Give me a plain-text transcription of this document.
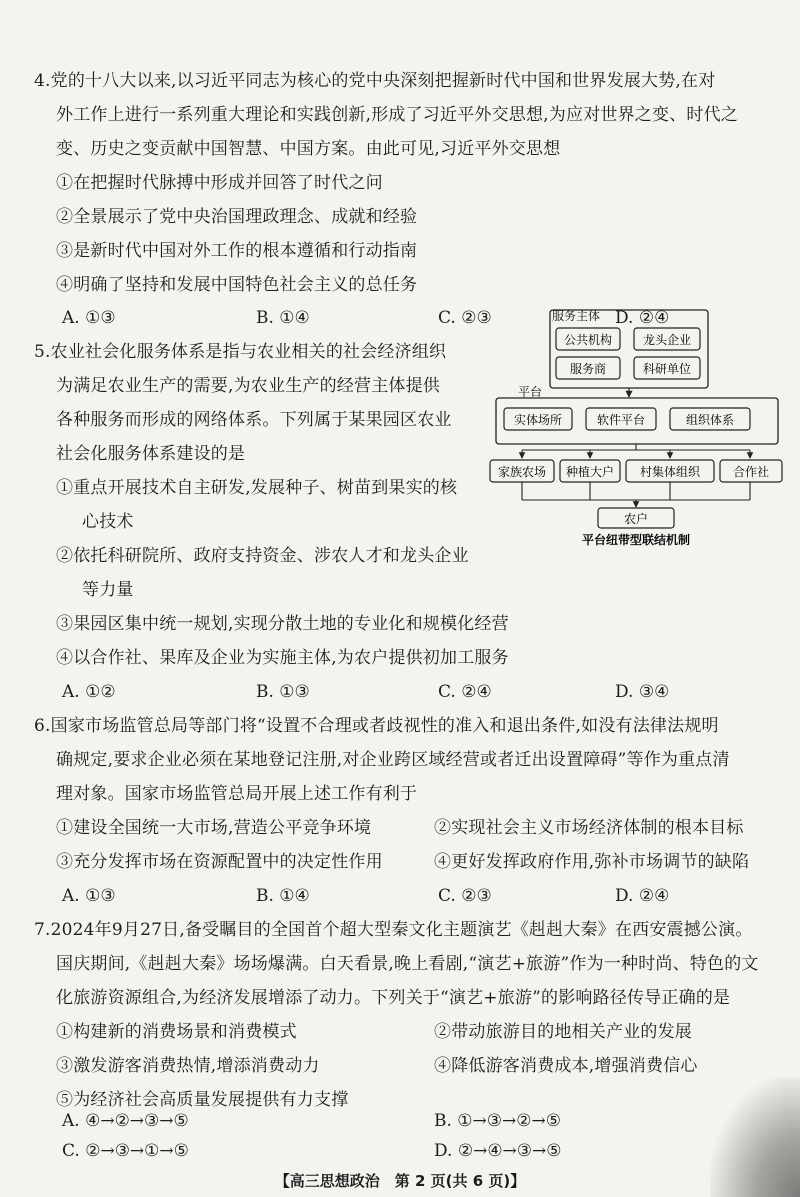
4.党的十八大以来,以习近平同志为核心的党中央深刻把握新时代中国和世界发展大势,在对
外工作上进行一系列重大理论和实践创新,形成了习近平外交思想,为应对世界之变、时代之
变、历史之变贡献中国智慧、中国方案。由此可见,习近平外交思想
①在把握时代脉搏中形成并回答了时代之问
②全景展示了党中央治国理政理念、成就和经验
③是新时代中国对外工作的根本遵循和行动指南
④明确了坚持和发展中国特色社会主义的总任务
A. ①③	B. ①④	C. ②③	D. ②④
5.农业社会化服务体系是指与农业相关的社会经济组织
为满足农业生产的需要,为农业生产的经营主体提供
各种服务而形成的网络体系。下列属于某果园区农业
社会化服务体系建设的是
①重点开展技术自主研发,发展种子、树苗到果实的核
心技术
②依托科研院所、政府支持资金、涉农人才和龙头企业
等力量
③果园区集中统一规划,实现分散土地的专业化和规模化经营
④以合作社、果库及企业为实施主体,为农户提供初加工服务
A. ①②	B. ①③	C. ②④	D. ③④
服务主体
公共机构	龙头企业
服务商	科研单位
平台
实体场所	软件平台	组织体系
家族农场 种植大户 村集体组织	合作社
农户
平台纽带型联结机制
6.国家市场监管总局等部门将“设置不合理或者歧视性的准入和退出条件,如没有法律法规明
确规定,要求企业必须在某地登记注册,对企业跨区域经营或者迁出设置障碍”等作为重点清
理对象。国家市场监管总局开展上述工作有利于
①建设全国统一大市场,营造公平竞争环境	②实现社会主义市场经济体制的根本目标
③充分发挥市场在资源配置中的决定性作用	④更好发挥政府作用,弥补市场调节的缺陷
A. ①③	B. ①④	C. ②③	D. ②④
7.2024年9月27日,备受瞩目的全国首个超大型秦文化主题演艺《赳赳大秦》在西安震撼公演。
国庆期间,《赳赳大秦》场场爆满。白天看景,晚上看剧,“演艺+旅游”作为一种时尚、特色的文
化旅游资源组合,为经济发展增添了动力。下列关于“演艺+旅游”的影响路径传导正确的是
①构建新的消费场景和消费模式	②带动旅游目的地相关产业的发展
③激发游客消费热情,增添消费动力	④降低游客消费成本,增强消费信心
⑤为经济社会高质量发展提供有力支撑
A. ④→②→③→⑤	B. ①→③→②→⑤
C. ②→③→①→⑤
【高三思想政治　第 2 页(共 6 页)】
D. ②→④→③→⑤
